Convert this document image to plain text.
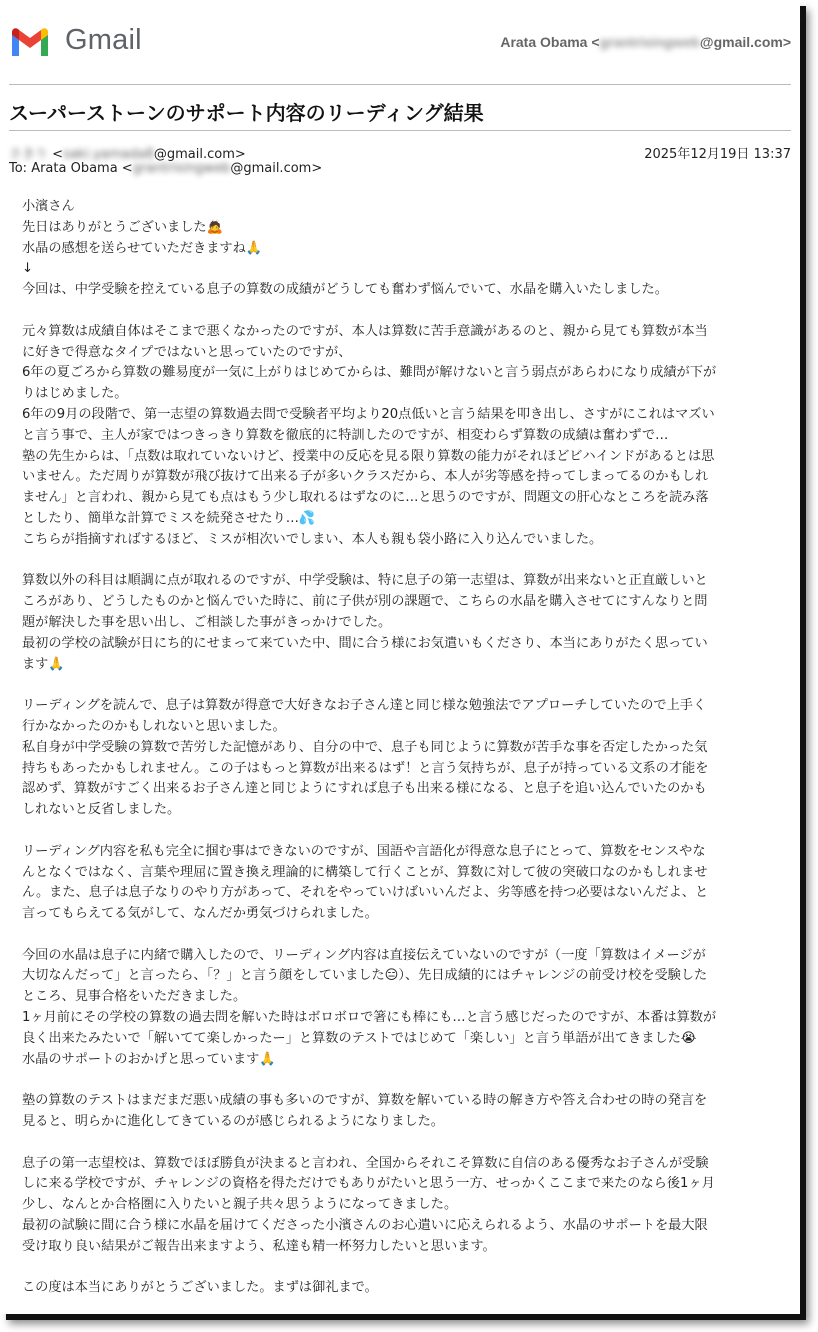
Gmail	Arata Obama <grantrisingweb@gmail.com>
スーパーストーンのサポート内容のリーディング結果
さきり <saki.yamada8@gmail.com>	2025年12月19日 13:37
To: Arata Obama <grantrisingweb@gmail.com>
小濱さん
先日はありがとうございました🙇
水晶の感想を送らせていただきますね🙏
↓
今回は、中学受験を控えている息子の算数の成績がどうしても奮わず悩んでいて、水晶を購入いたしました。
元々算数は成績自体はそこまで悪くなかったのですが、本人は算数に苦手意識があるのと、親から見ても算数が本当
に好きで得意なタイプではないと思っていたのですが、
6年の夏ごろから算数の難易度が一気に上がりはじめてからは、難問が解けないと言う弱点があらわになり成績が下が
りはじめました。
6年の9月の段階で、第一志望の算数過去問で受験者平均より20点低いと言う結果を叩き出し、さすがにこれはマズい
と言う事で、主人が家ではつきっきり算数を徹底的に特訓したのですが、相変わらず算数の成績は奮わずで…
塾の先生からは、「点数は取れていないけど、授業中の反応を見る限り算数の能力がそれほどビハインドがあるとは思
いません。ただ周りが算数が飛び抜けて出来る子が多いクラスだから、本人が劣等感を持ってしまってるのかもしれ
ません」と言われ、親から見ても点はもう少し取れるはずなのに…と思うのですが、問題文の肝心なところを読み落
としたり、簡単な計算でミスを続発させたり…💦
こちらが指摘すればするほど、ミスが相次いでしまい、本人も親も袋小路に入り込んでいました。
算数以外の科目は順調に点が取れるのですが、中学受験は、特に息子の第一志望は、算数が出来ないと正直厳しいと
ころがあり、どうしたものかと悩んでいた時に、前に子供が別の課題で、こちらの水晶を購入させてにすんなりと問
題が解決した事を思い出し、ご相談した事がきっかけでした。
最初の学校の試験が日にち的にせまって来ていた中、間に合う様にお気遣いもくださり、本当にありがたく思ってい
ます🙏
リーディングを読んで、息子は算数が得意で大好きなお子さん達と同じ様な勉強法でアプローチしていたので上手く
行かなかったのかもしれないと思いました。
私自身が中学受験の算数で苦労した記憶があり、自分の中で、息子も同じように算数が苦手な事を否定したかった気
持ちもあったかもしれません。この子はもっと算数が出来るはず！と言う気持ちが、息子が持っている文系の才能を
認めず、算数がすごく出来るお子さん達と同じようにすれば息子も出来る様になる、と息子を追い込んでいたのかも
しれないと反省しました。
リーディング内容を私も完全に掴む事はできないのですが、国語や言語化が得意な息子にとって、算数をセンスやな
んとなくではなく、言葉や理屈に置き換え理論的に構築して行くことが、算数に対して彼の突破口なのかもしれませ
ん。また、息子は息子なりのやり方があって、それをやっていけばいいんだよ、劣等感を持つ必要はないんだよ、と
言ってもらえてる気がして、なんだか勇気づけられました。
今回の水晶は息子に内緒で購入したので、リーディング内容は直接伝えていないのですが（一度「算数はイメージが
大切なんだって」と言ったら、「？」と言う顔をしていました😑）、先日成績的にはチャレンジの前受け校を受験した
ところ、見事合格をいただきました。
1ヶ月前にその学校の算数の過去問を解いた時はボロボロで箸にも棒にも…と言う感じだったのですが、本番は算数が
良く出来たみたいで「解いてて楽しかったー」と算数のテストではじめて「楽しい」と言う単語が出てきました😭
水晶のサポートのおかげと思っています🙏
塾の算数のテストはまだまだ悪い成績の事も多いのですが、算数を解いている時の解き方や答え合わせの時の発言を
見ると、明らかに進化してきているのが感じられるようになりました。
息子の第一志望校は、算数でほぼ勝負が決まると言われ、全国からそれこそ算数に自信のある優秀なお子さんが受験
しに来る学校ですが、チャレンジの資格を得ただけでもありがたいと思う一方、せっかくここまで来たのなら後1ヶ月
少し、なんとか合格圏に入りたいと親子共々思うようになってきました。
最初の試験に間に合う様に水晶を届けてくださった小濱さんのお心遣いに応えられるよう、水晶のサポートを最大限
受け取り良い結果がご報告出来ますよう、私達も精一杯努力したいと思います。
この度は本当にありがとうございました。まずは御礼まで。
